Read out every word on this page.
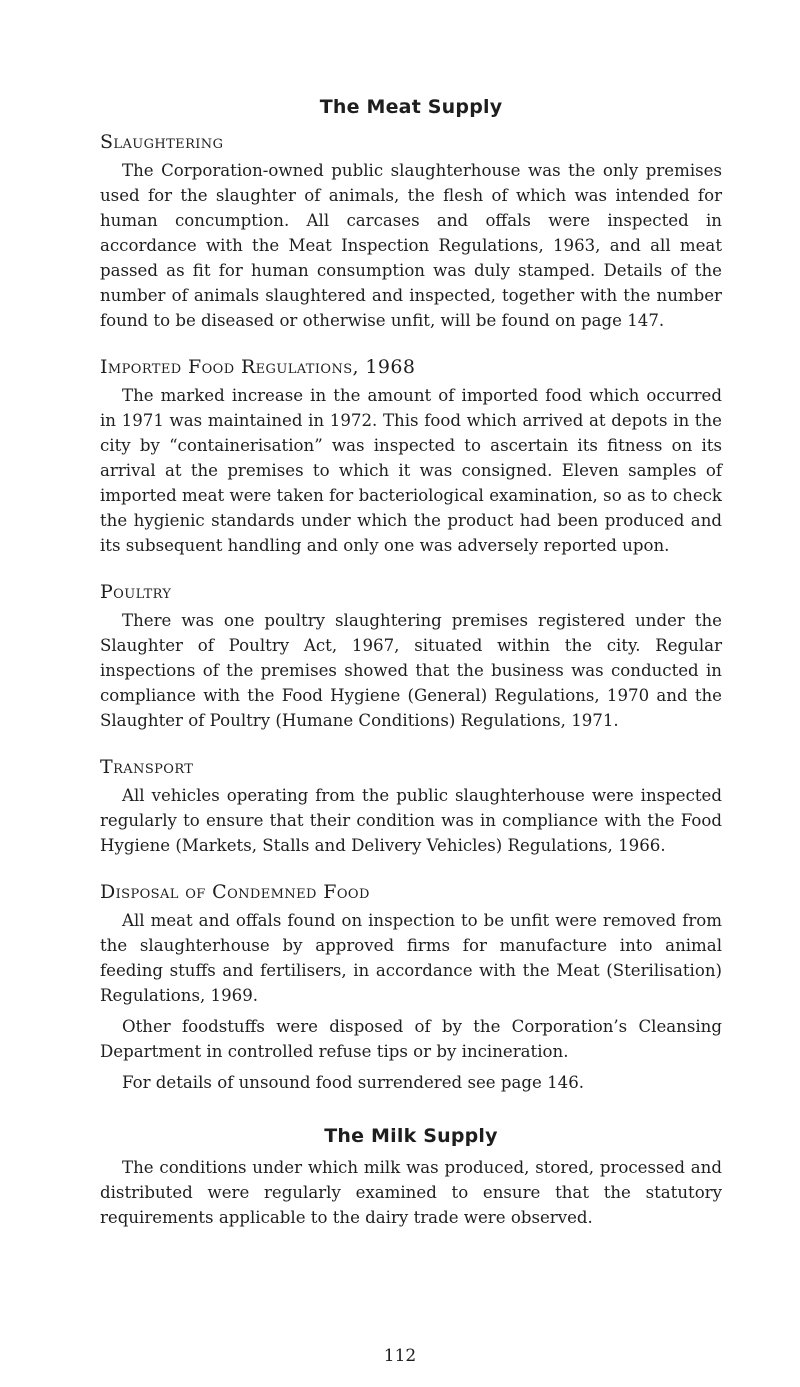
The Meat Supply
Slaughtering

The Corporation-owned public slaughterhouse was the only premises used for the slaughter of animals, the flesh of which was intended for human concumption. All carcases and offals were inspected in accordance with the Meat Inspection Regulations, 1963, and all meat passed as fit for human consumption was duly stamped. Details of the number of animals slaughtered and inspected, together with the number found to be diseased or otherwise unfit, will be found on page 147.

Imported Food Regulations, 1968

The marked increase in the amount of imported food which occurred in 1971 was maintained in 1972. This food which arrived at depots in the city by “containerisation” was inspected to ascertain its fitness on its arrival at the premises to which it was consigned. Eleven samples of imported meat were taken for bacteriological examination, so as to check the hygienic standards under which the product had been produced and its subsequent handling and only one was adversely reported upon.

Poultry

There was one poultry slaughtering premises registered under the Slaughter of Poultry Act, 1967, situated within the city. Regular inspections of the premises showed that the business was conducted in compliance with the Food Hygiene (General) Regulations, 1970 and the Slaughter of Poultry (Humane Conditions) Regulations, 1971.

Transport

All vehicles operating from the public slaughterhouse were inspected regularly to ensure that their condition was in compliance with the Food Hygiene (Markets, Stalls and Delivery Vehicles) Regulations, 1966.

Disposal of Condemned Food

All meat and offals found on inspection to be unfit were removed from the slaughterhouse by approved firms for manufacture into animal feeding stuffs and fertilisers, in accordance with the Meat (Sterilisation) Regulations, 1969.

Other foodstuffs were disposed of by the Corporation’s Cleansing Department in controlled refuse tips or by incineration.

For details of unsound food surrendered see page 146.

The Milk Supply

The conditions under which milk was produced, stored, processed and distributed were regularly examined to ensure that the statutory requirements applicable to the dairy trade were observed.

112
